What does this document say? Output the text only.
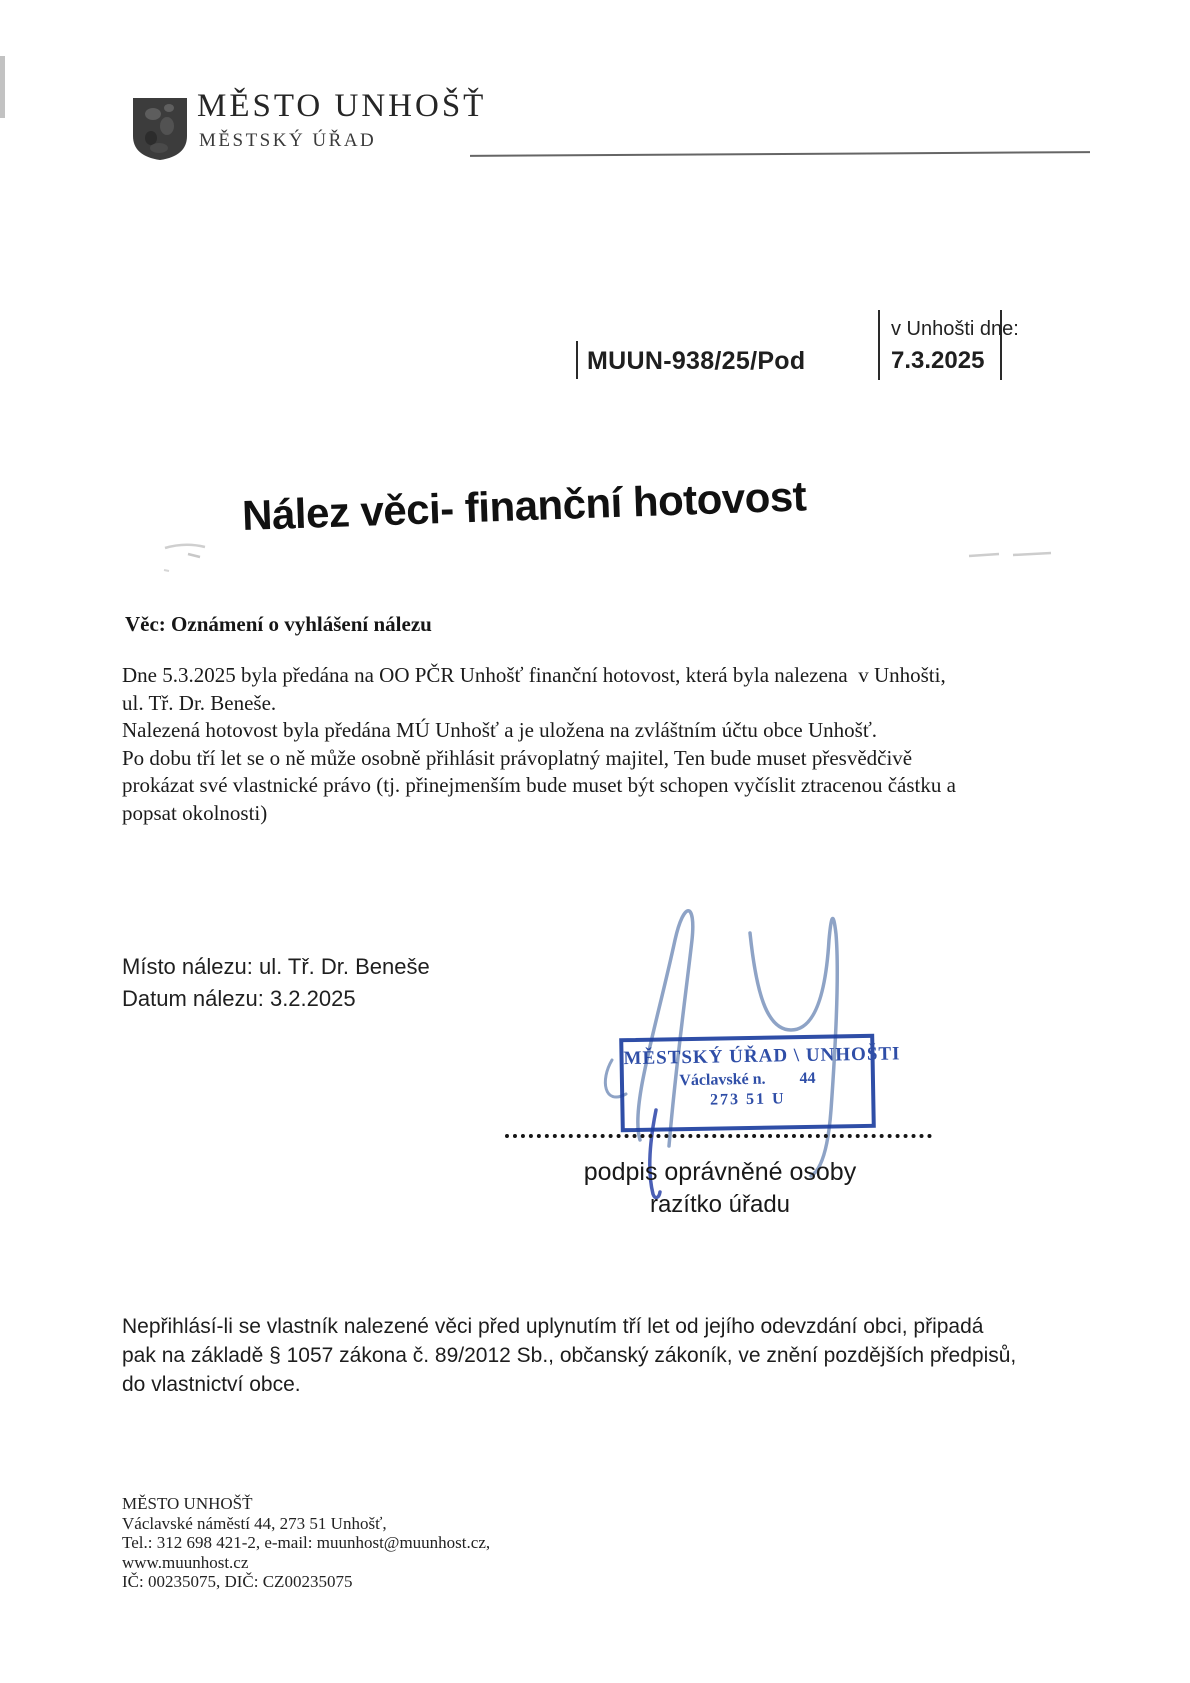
MĚSTO UNHOŠŤ
MĚSTSKÝ ÚŘAD
MUUN-938/25/Pod
v Unhošti dne:
7.3.2025
Nález věci- finanční hotovost
Věc: Oznámení o vyhlášení nálezu
Dne 5.3.2025 byla předána na OO PČR Unhošť finanční hotovost, která byla nalezena  v Unhošti,
ul. Tř. Dr. Beneše.
Nalezená hotovost byla předána MÚ Unhošť a je uložena na zvláštním účtu obce Unhošť.
Po dobu tří let se o ně může osobně přihlásit právoplatný majitel, Ten bude muset přesvědčivě
prokázat své vlastnické právo (tj. přinejmenším bude muset být schopen vyčíslit ztracenou částku a
popsat okolnosti)
Místo nálezu: ul. Tř. Dr. Beneše
Datum nálezu: 3.2.2025
MĚSTSKÝ ÚŘAD \ UNHOŠTI
Václavské n. 44
273 51 U
podpis oprávněné osoby
razítko úřadu
Nepřihlásí-li se vlastník nalezené věci před uplynutím tří let od jejího odevzdání obci, připadá
pak na základě § 1057 zákona č. 89/2012 Sb., občanský zákoník, ve znění pozdějších předpisů,
do vlastnictví obce.
MĚSTO UNHOŠŤ
Václavské náměstí 44, 273 51 Unhošť,
Tel.: 312 698 421-2, e-mail: muunhost@muunhost.cz,
www.muunhost.cz
IČ: 00235075, DIČ: CZ00235075
